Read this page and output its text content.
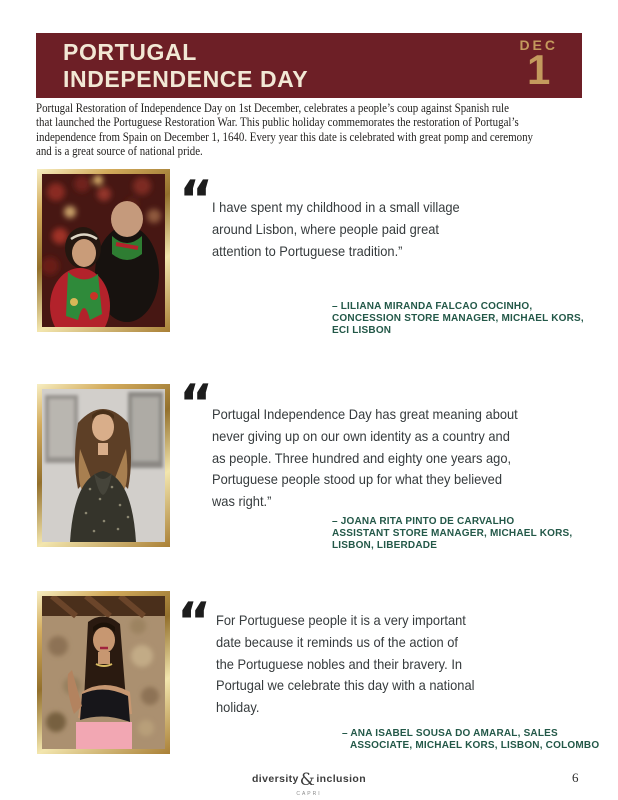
PORTUGAL
INDEPENDENCE DAY
DEC
1
Portugal Restoration of Independence Day on 1st December, celebrates a people’s coup against Spanish rule
that launched the Portuguese Restoration War. This public holiday commemorates the restoration of Portugal’s
independence from Spain on December 1, 1640. Every year this date is celebrated with great pomp and ceremony
and is a great source of national pride.
“
I have spent my childhood in a small village
around Lisbon, where people paid great
attention to Portuguese tradition.”
– LILIANA MIRANDA FALCAO COCINHO,
CONCESSION STORE MANAGER, MICHAEL KORS,
ECI LISBON
“
Portugal Independence Day has great meaning about
never giving up on our own identity as a country and
as people. Three hundred and eighty one years ago,
Portuguese people stood up for what they believed
was right.”
– JOANA RITA PINTO DE CARVALHO
ASSISTANT STORE MANAGER, MICHAEL KORS,
LISBON, LIBERDADE
“ For Portuguese people it is a very important
date because it reminds us of the action of
the Portuguese nobles and their bravery. In
Portugal we celebrate this day with a national
holiday.
– ANA ISABEL SOUSA DO AMARAL, SALES
ASSOCIATE, MICHAEL KORS, LISBON, COLOMBO
diversity&inclusion
CAPRI
6
